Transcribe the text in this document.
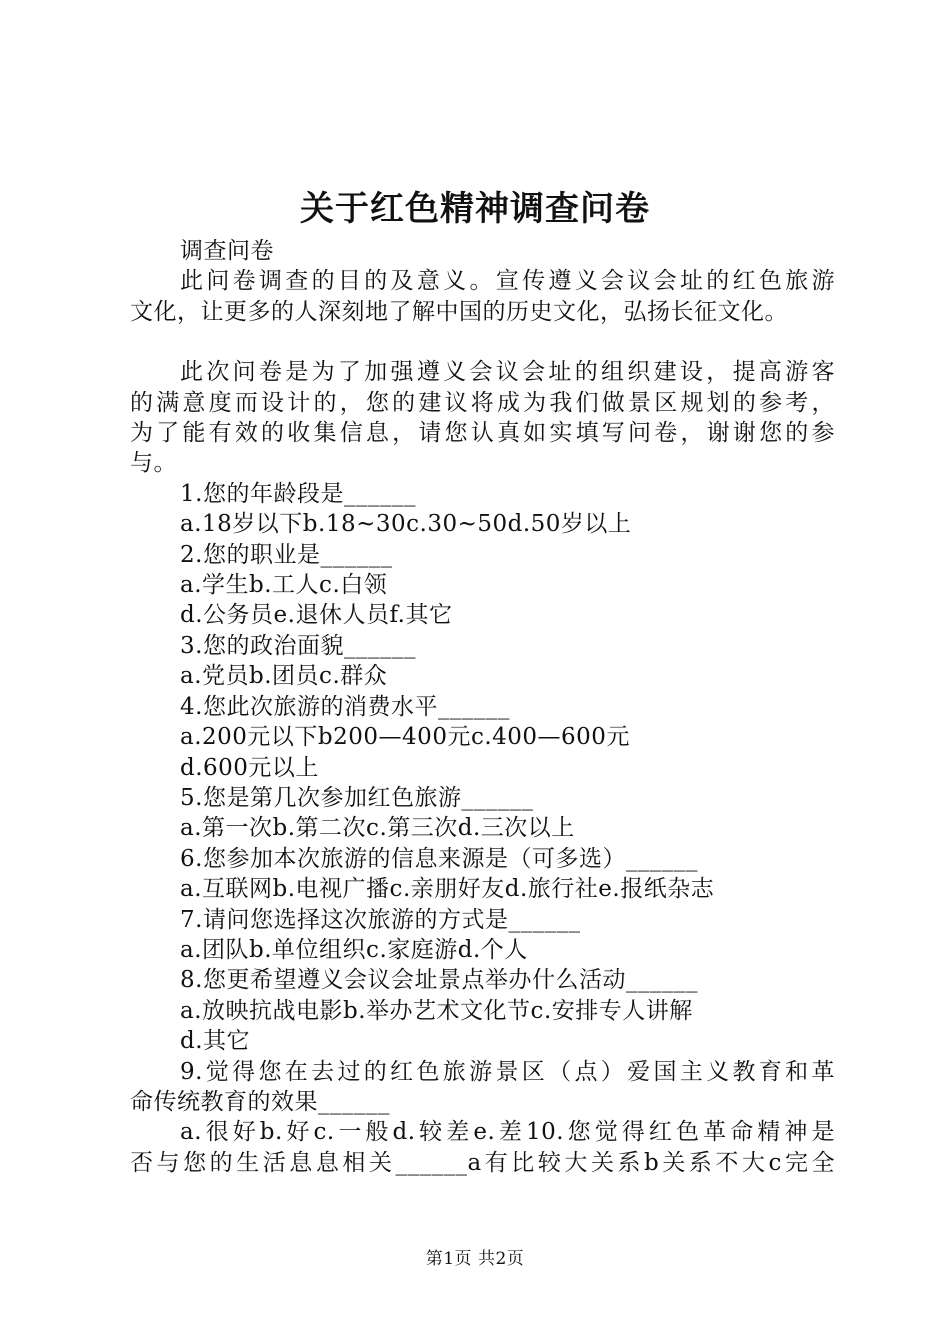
关于红色精神调查问卷
调查问卷
此问卷调查的目的及意义。宣传遵义会议会址的红色旅游
文化，让更多的人深刻地了解中国的历史文化，弘扬长征文化。
此次问卷是为了加强遵义会议会址的组织建设，提高游客
的满意度而设计的，您的建议将成为我们做景区规划的参考，
为了能有效的收集信息，请您认真如实填写问卷，谢谢您的参
与。
1.您的年龄段是______
a.18岁以下b.18~30c.30~50d.50岁以上
2.您的职业是______
a.学生b.工人c.白领
d.公务员e.退休人员f.其它
3.您的政治面貌______
a.党员b.团员c.群众
4.您此次旅游的消费水平______
a.200元以下b200—400元c.400—600元
d.600元以上
5.您是第几次参加红色旅游______
a.第一次b.第二次c.第三次d.三次以上
6.您参加本次旅游的信息来源是（可多选）______
a.互联网b.电视广播c.亲朋好友d.旅行社e.报纸杂志
7.请问您选择这次旅游的方式是______
a.团队b.单位组织c.家庭游d.个人
8.您更希望遵义会议会址景点举办什么活动______
a.放映抗战电影b.举办艺术文化节c.安排专人讲解
d.其它
9.觉得您在去过的红色旅游景区（点）爱国主义教育和革
命传统教育的效果______
a.很好b.好c.一般d.较差e.差10.您觉得红色革命精神是
否与您的生活息息相关______a有比较大关系b关系不大c完全
第1页 共2页
